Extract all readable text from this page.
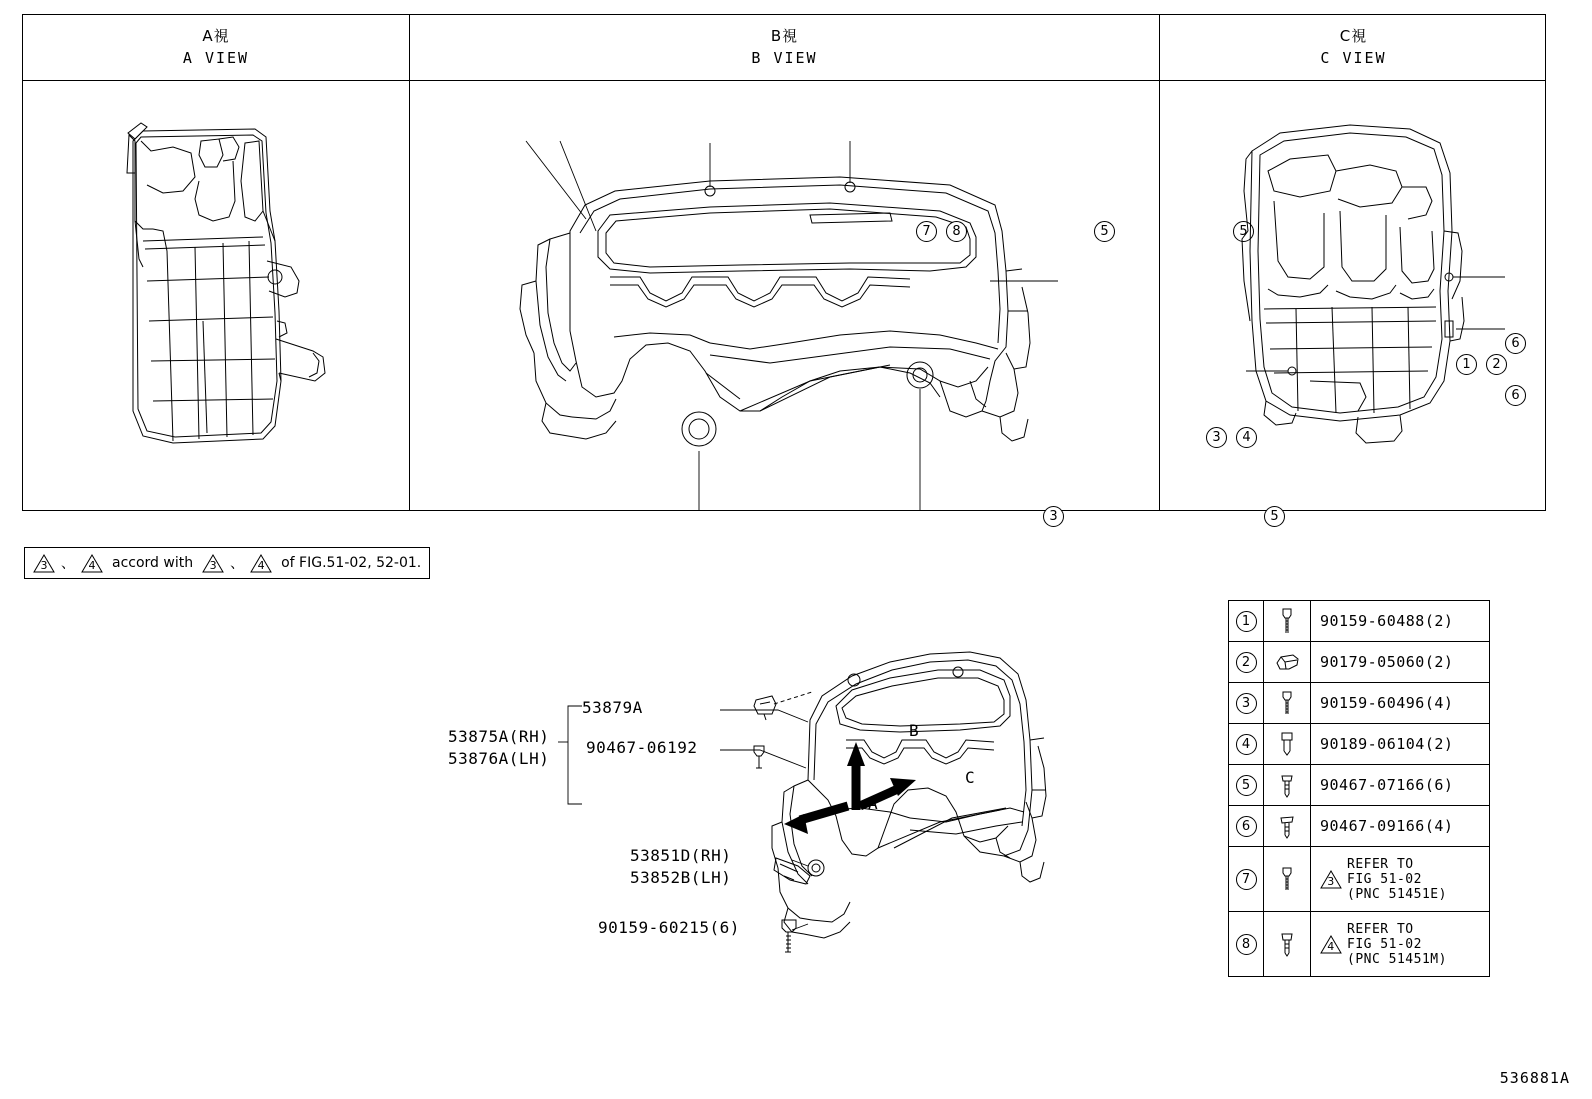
A視
A VIEW
B視
B VIEW
C視
C VIEW
7	8	5	5
1	2
3	5
6
6
3	4
3 、	4	accord with	3 、	4	of FIG.51-02, 52-01.
53879A
53875A(RH)
53876A(LH)
90467-06192
53851D(RH)
53852B(LH)
90159-60215(6)
B
A
C
1	90159-60488(2)
2	90179-05060(2)
3	90159-60496(4)
4	90189-06104(2)
5	90467-07166(6)
6	90467-09166(4)
7	3
REFER TO
FIG 51-02
(PNC 51451E)
8	4
REFER TO
FIG 51-02
(PNC 51451M)
536881A
